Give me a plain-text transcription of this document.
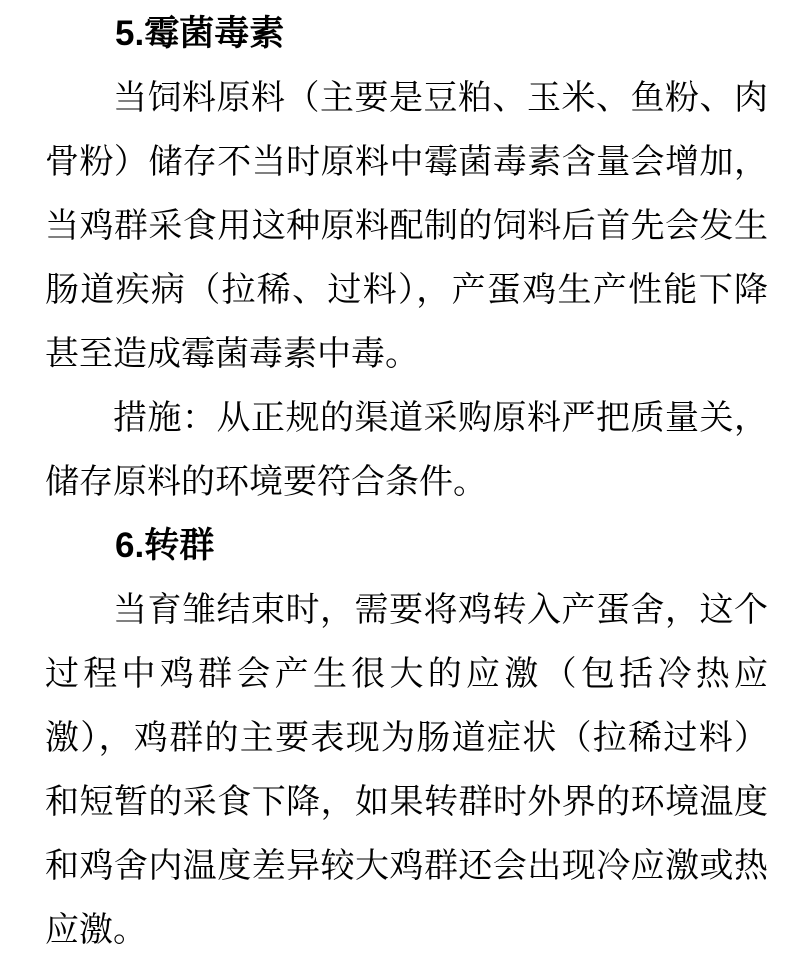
5.霉菌毒素

当饲料原料（主要是豆粕、玉米、鱼粉、肉骨粉）储存不当时原料中霉菌毒素含量会增加，当鸡群采食用这种原料配制的饲料后首先会发生肠道疾病（拉稀、过料），产蛋鸡生产性能下降甚至造成霉菌毒素中毒。

措施：从正规的渠道采购原料严把质量关，储存原料的环境要符合条件。

6.转群

当育雏结束时，需要将鸡转入产蛋舍，这个过程中鸡群会产生很大的应激（包括冷热应激），鸡群的主要表现为肠道症状（拉稀过料）和短暂的采食下降，如果转群时外界的环境温度和鸡舍内温度差异较大鸡群还会出现冷应激或热应激。
